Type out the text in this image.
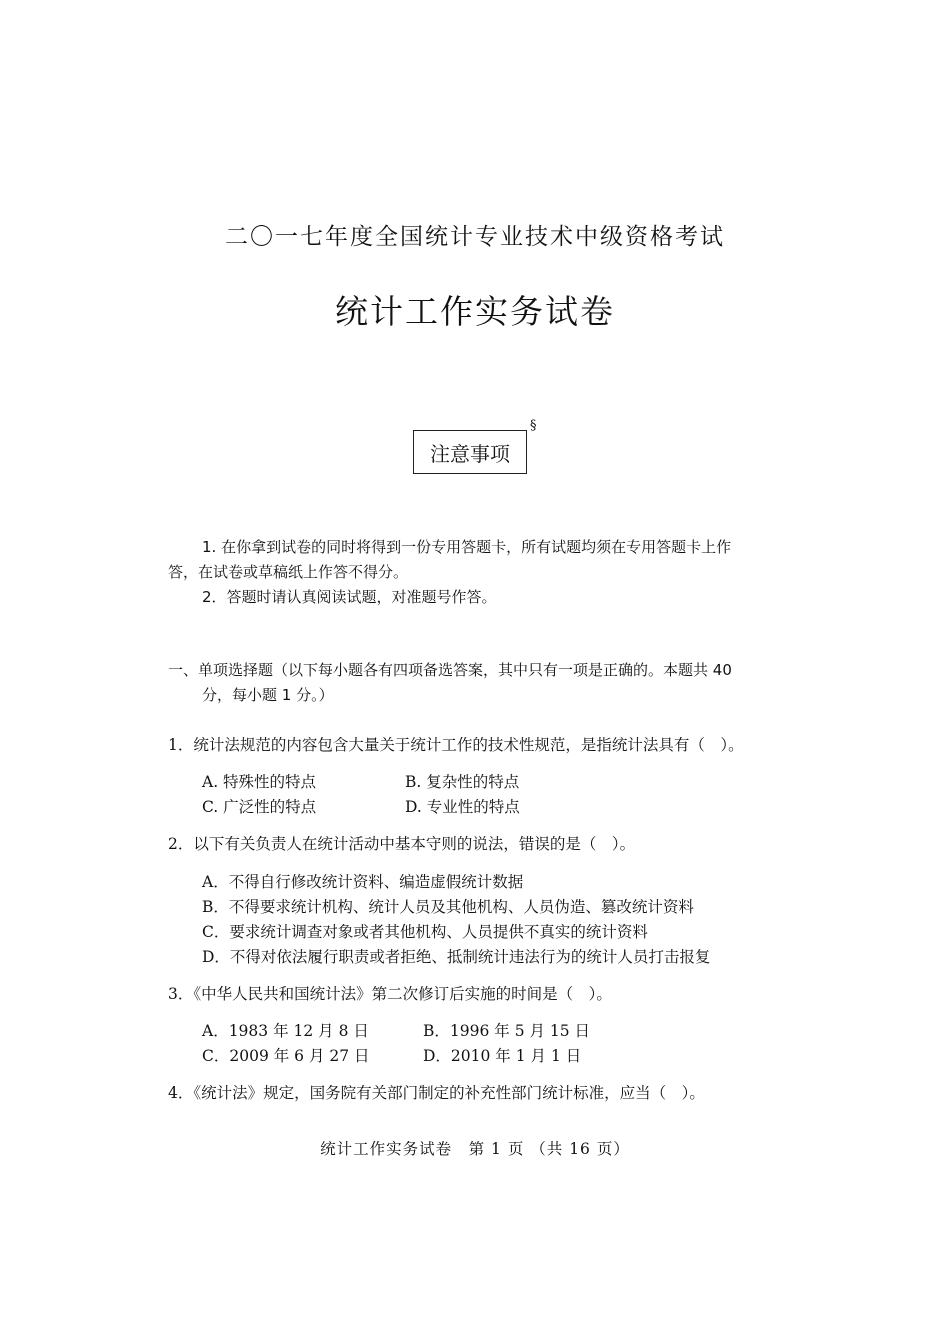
二〇一七年度全国统计专业技术中级资格考试
统计工作实务试卷
注意事项
§
1. 在你拿到试卷的同时将得到一份专用答题卡，所有试题均须在专用答题卡上作
答，在试卷或草稿纸上作答不得分。
2．答题时请认真阅读试题，对准题号作答。
一、单项选择题（以下每小题各有四项备选答案，其中只有一项是正确的。本题共 40
分，每小题 1 分。）
1．统计法规范的内容包含大量关于统计工作的技术性规范，是指统计法具有（　）。
A. 特殊性的特点	B. 复杂性的特点
C. 广泛性的特点	D. 专业性的特点
2．以下有关负责人在统计活动中基本守则的说法，错误的是（　）。
A．不得自行修改统计资料、编造虚假统计数据
B．不得要求统计机构、统计人员及其他机构、人员伪造、篡改统计资料
C．要求统计调查对象或者其他机构、人员提供不真实的统计资料
D．不得对依法履行职责或者拒绝、抵制统计违法行为的统计人员打击报复
3．《中华人民共和国统计法》第二次修订后实施的时间是（　）。
A．1983 年 12 月 8 日	B．1996 年 5 月 15 日
C．2009 年 6 月 27 日	D．2010 年 1 月 1 日
4．《统计法》规定，国务院有关部门制定的补充性部门统计标准，应当（　）。
统计工作实务试卷　第 1 页 （共 16 页）
